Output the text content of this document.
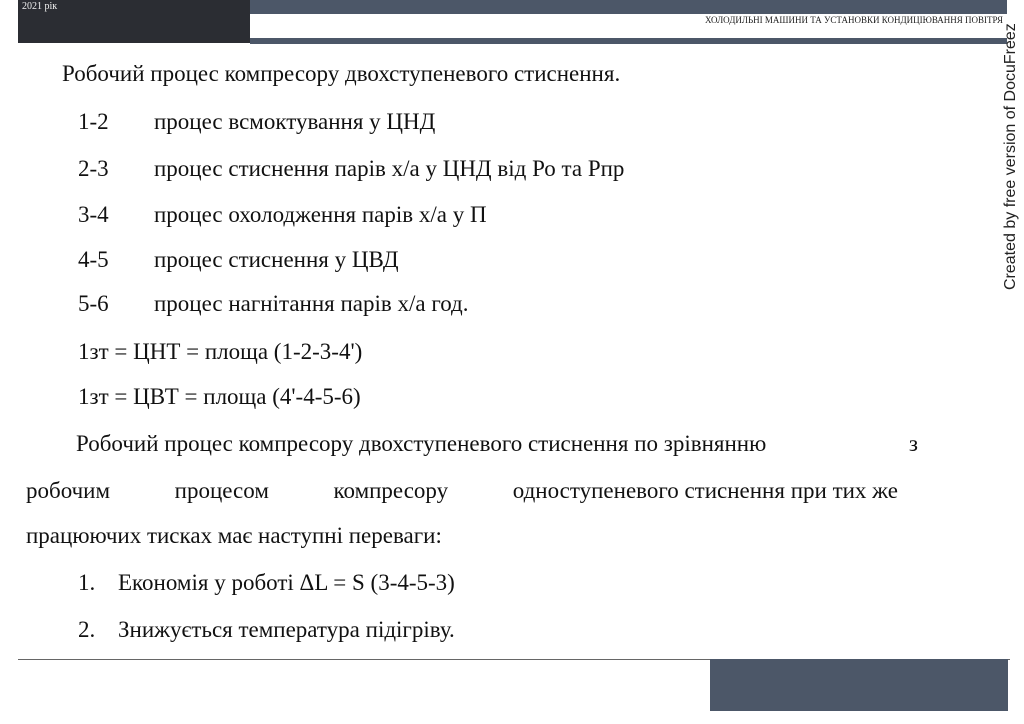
2021 рік
ХОЛОДИЛЬНІ МАШИНИ ТА УСТАНОВКИ КОНДИЦІЮВАННЯ ПОВІТРЯ
Created by free version of DocuFreez
Робочий процес компресору двохступеневого стиснення.
1-2 процес всмоктування у ЦНД
2-3 процес стиснення парів х/а у ЦНД від Ро та Рпр
3-4 процес охолодження парів х/а у П
4-5 процес стиснення у ЦВД
5-6 процес нагнітання парів х/а год.
1зт = ЦНТ = площа (1-2-3-4')
1зт = ЦВТ = площа (4'-4-5-6)
Робочий процес компресору двохступеневого стиснення по зрівнянню	з
робочим	процесом	компресору	одноступеневого стиснення при тих же
працюючих тисках має наступні переваги:
1. Економія у роботі ΔL = S (3-4-5-3)
2. Знижується температура підігріву.
